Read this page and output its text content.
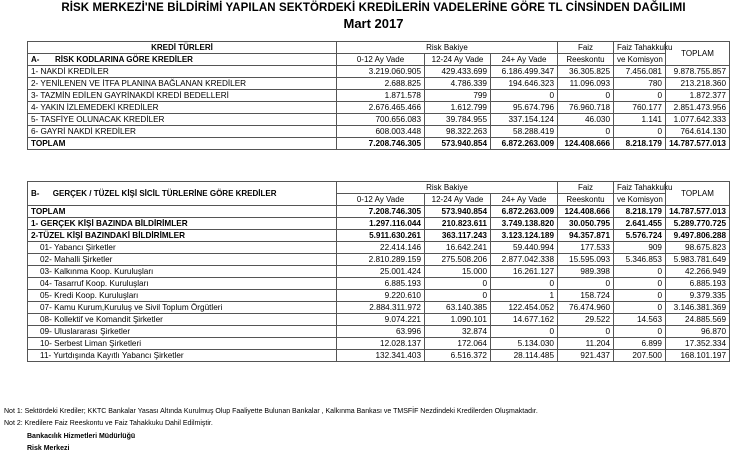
RİSK MERKEZİ'NE BİLDİRİMİ YAPILAN SEKTÖRDEKİ KREDİLERİN VADELERİNE GÖRE TL CİNSİNDEN DAĞILIMI
Mart 2017
KREDİ TÜRLERİ	Risk Bakiye			Faiz	Faiz Tahakkuku	TOPLAM
A- RİSK KODLARINA GÖRE KREDİLER	0-12 Ay Vade	12-24 Ay Vade	24+ Ay Vade	Reeskontu	ve Komisyon	
1- NAKDİ KREDİLER	3.219.060.905	429.433.699	6.186.499.347	36.305.825	7.456.081	9.878.755.857
2- YENİLENEN VE İTFA PLANINA BAĞLANAN KREDİLER	2.688.825	4.786.339	194.646.323	11.096.093	780	213.218.360
3- TAZMİN EDİLEN GAYRİNAKDİ KREDİ BEDELLERİ	1.871.578	799	0	0	0	1.872.377
4- YAKIN İZLEMEDEKİ KREDİLER	2.676.465.466	1.612.799	95.674.796	76.960.718	760.177	2.851.473.956
5- TASFİYE OLUNACAK KREDİLER	700.656.083	39.784.955	337.154.124	46.030	1.141	1.077.642.333
6- GAYRİ NAKDİ KREDİLER	608.003.448	98.322.263	58.288.419	0	0	764.614.130
TOPLAM	7.208.746.305	573.940.854	6.872.263.009	124.408.666	8.218.179	14.787.577.013
B- GERÇEK / TÜZEL KİŞİ SİCİL TÜRLERİNE GÖRE KREDİLER	Risk Bakiye			Faiz	Faiz Tahakkuku	TOPLAM
	0-12 Ay Vade	12-24 Ay Vade	24+ Ay Vade	Reeskontu	ve Komisyon	
TOPLAM	7.208.746.305	573.940.854	6.872.263.009	124.408.666	8.218.179	14.787.577.013
1- GERÇEK KİŞİ BAZINDA BİLDİRİMLER	1.297.116.044	210.823.611	3.749.138.820	30.050.795	2.641.455	5.289.770.725
2-TÜZEL KİŞİ BAZINDAKİ BİLDİRİMLER	5.911.630.261	363.117.243	3.123.124.189	94.357.871	5.576.724	9.497.806.288
01- Yabancı Şirketler	22.414.146	16.642.241	59.440.994	177.533	909	98.675.823
02- Mahalli Şirketler	2.810.289.159	275.508.206	2.877.042.338	15.595.093	5.346.853	5.983.781.649
03- Kalkınma Koop. Kuruluşları	25.001.424	15.000	16.261.127	989.398	0	42.266.949
04- Tasarruf Koop. Kuruluşları	6.885.193	0	0	0	0	6.885.193
05- Kredi Koop. Kuruluşları	9.220.610	0	1	158.724	0	9.379.335
07- Kamu Kurum,Kuruluş ve Sivil Toplum Örgütleri	2.884.311.972	63.140.385	122.454.052	76.474.960	0	3.146.381.369
08- Kollektif ve Komandit Şirketler	9.074.221	1.090.101	14.677.162	29.522	14.563	24.885.569
09- Uluslararası Şirketler	63.996	32.874	0	0	0	96.870
10- Serbest Liman Şirketleri	12.028.137	172.064	5.134.030	11.204	6.899	17.352.334
11- Yurtdışında Kayıtlı Yabancı Şirketler	132.341.403	6.516.372	28.114.485	921.437	207.500	168.101.197
Not 1: Sektördeki Krediler; KKTC Bankalar Yasası Altında Kurulmuş Olup Faaliyette Bulunan Bankalar , Kalkınma Bankası ve TMSFİF Nezdindeki Kredilerden Oluşmaktadır.
Not 2: Kredilere Faiz Reeskontu ve Faiz Tahakkuku Dahil Edilmiştir.
Bankacılık Hizmetleri Müdürlüğü
Risk Merkezi
